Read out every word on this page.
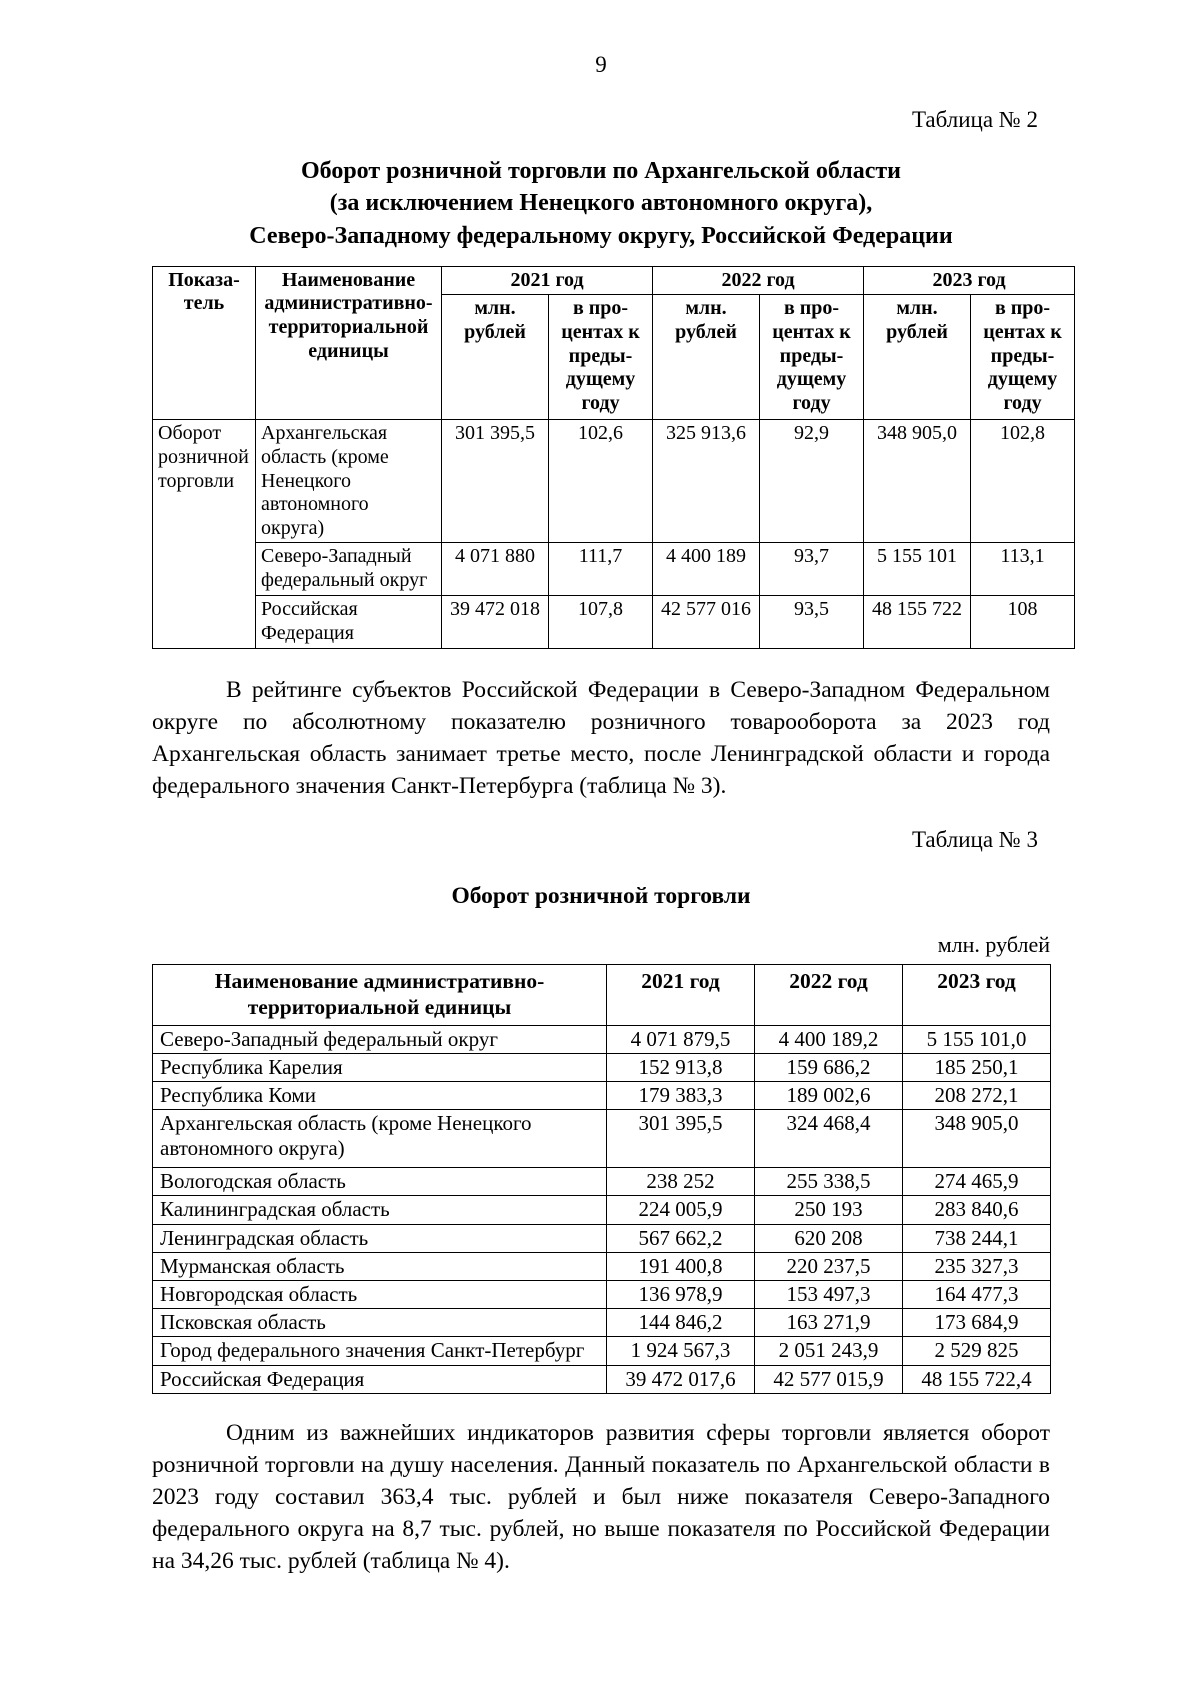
9
Таблица № 2
Оборот розничной торговли по Архангельской области
(за исключением Ненецкого автономного округа),
Северо-Западному федеральному округу, Российской Федерации
Показа- тель	Наименование административно-территориальной единицы	2021 год		2022 год		2023 год	
		млн. рублей	в про-центах к преды-дущему году	млн. рублей	в про-центах к преды-дущему году	млн. рублей	в про-центах к преды-дущему году
Оборот розничной торговли	Архангельская область (кроме Ненецкого автономного округа)	301 395,5	102,6	325 913,6	92,9	348 905,0	102,8
	Северо-Западный федеральный округ	4 071 880	111,7	4 400 189	93,7	5 155 101	113,1
	Российская Федерация	39 472 018	107,8	42 577 016	93,5	48 155 722	108

В рейтинге субъектов Российской Федерации в Северо-Западном Федеральном округе по абсолютному показателю розничного товарооборота за 2023 год Архангельская область занимает третье место, после Ленинградской области и города федерального значения Санкт-Петербурга (таблица № 3).

Таблица № 3
Оборот розничной торговли
млн. рублей
Наименование административно-территориальной единицы	2021 год	2022 год	2023 год
Северо-Западный федеральный округ	4 071 879,5	4 400 189,2	5 155 101,0
Республика Карелия	152 913,8	159 686,2	185 250,1
Республика Коми	179 383,3	189 002,6	208 272,1
Архангельская область (кроме Ненецкого автономного округа)	301 395,5	324 468,4	348 905,0
Вологодская область	238 252	255 338,5	274 465,9
Калининградская область	224 005,9	250 193	283 840,6
Ленинградская область	567 662,2	620 208	738 244,1
Мурманская область	191 400,8	220 237,5	235 327,3
Новгородская область	136 978,9	153 497,3	164 477,3
Псковская область	144 846,2	163 271,9	173 684,9
Город федерального значения Санкт-Петербург	1 924 567,3	2 051 243,9	2 529 825
Российская Федерация	39 472 017,6	42 577 015,9	48 155 722,4

Одним из важнейших индикаторов развития сферы торговли является оборот розничной торговли на душу населения. Данный показатель по Архангельской области в 2023 году составил 363,4 тыс. рублей и был ниже показателя Северо-Западного федерального округа на 8,7 тыс. рублей, но выше показателя по Российской Федерации на 34,26 тыс. рублей (таблица № 4).
